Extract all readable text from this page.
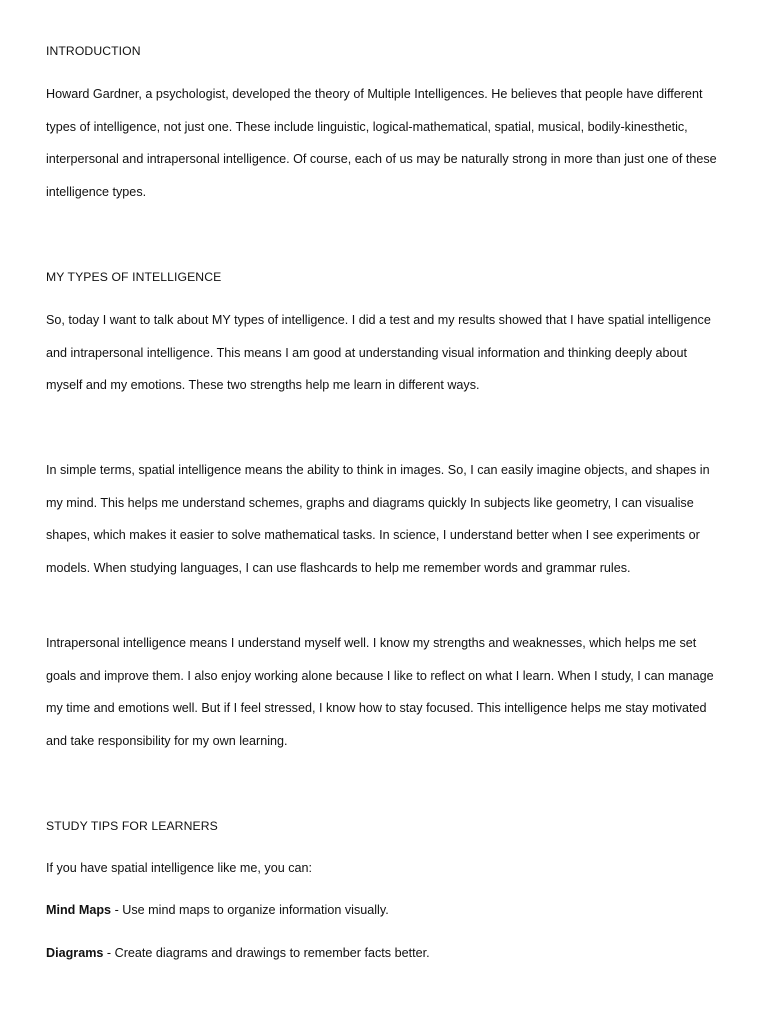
INTRODUCTION

Howard Gardner, a psychologist, developed the theory of Multiple Intelligences. He believes that people have different types of intelligence, not just one. These include linguistic, logical-mathematical, spatial, musical, bodily-kinesthetic, interpersonal and intrapersonal intelligence. Of course, each of us may be naturally strong in more than just one of these intelligence types.

MY TYPES OF INTELLIGENCE

So, today I want to talk about MY types of intelligence. I did a test and my results showed that I have spatial intelligence and intrapersonal intelligence. This means I am good at understanding visual information and thinking deeply about myself and my emotions. These two strengths help me learn in different ways.

In simple terms, spatial intelligence means the ability to think in images. So, I can easily imagine objects, and shapes in my mind. This helps me understand schemes, graphs and diagrams quickly In subjects like geometry, I can visualise shapes, which makes it easier to solve mathematical tasks. In science, I understand better when I see experiments or models. When studying languages, I can use flashcards to help me remember words and grammar rules.

Intrapersonal intelligence means I understand myself well. I know my strengths and weaknesses, which helps me set goals and improve them. I also enjoy working alone because I like to reflect on what I learn. When I study, I can manage my time and emotions well. But if I feel stressed, I know how to stay focused. This intelligence helps me stay motivated and take responsibility for my own learning.

STUDY TIPS FOR LEARNERS

If you have spatial intelligence like me, you can:

Mind Maps - Use mind maps to organize information visually.

Diagrams - Create diagrams and drawings to remember facts better.
